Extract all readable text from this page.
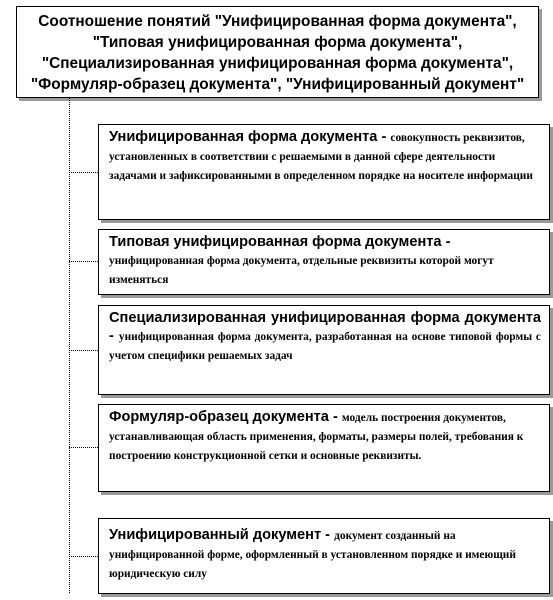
Соотношение понятий "Унифицированная форма документа",
"Типовая унифицированная форма документа",
"Специализированная унифицированная форма документа",
"Формуляр-образец документа", "Унифицированный документ"

Унифицированная форма документа - совокупность реквизитов, установленных в соответствии с решаемыми в данной сфере деятельности задачами и зафиксированными в определенном порядке на носителе информации

Типовая унифицированная форма документа - унифицированная форма документа, отдельные реквизиты которой могут изменяться

Специализированная унифицированная форма документа - унифицированная форма документа, разработанная на основе типовой формы с учетом специфики решаемых задач

Формуляр-образец документа - модель построения документов, устанавливающая область применения, форматы, размеры полей, требования к построению конструкционной сетки и основные реквизиты.

Унифицированный документ - документ созданный на унифицированной форме, оформленный в установленном порядке и имеющий юридическую силу
